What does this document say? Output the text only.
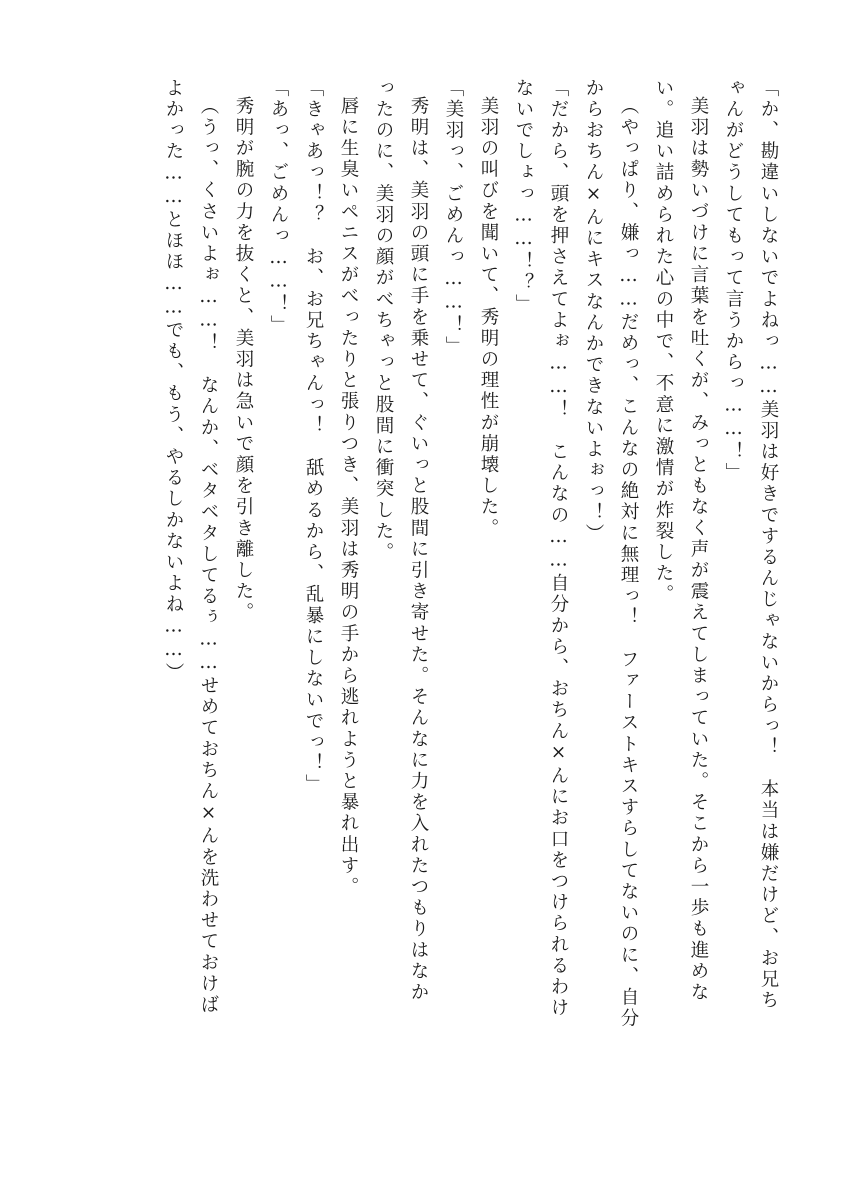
「か、勘違いしないでよねっ……美羽は好きでするんじゃないからっ！　本当は嫌だけど、お兄ち
ゃんがどうしてもって言うからっ……！」
美羽は勢いづけに言葉を吐くが、みっともなく声が震えてしまっていた。そこから一歩も進めな
い。追い詰められた心の中で、不意に激情が炸裂した。
（やっぱり、嫌っ……だめっ、こんなの絶対に無理っ！　ファーストキスすらしてないのに、自分
からおちん×んにキスなんかできないよぉっ！）
「だから、頭を押さえてよぉ……！　こんなの……自分から、おちん×んにお口をつけられるわけ
ないでしょっ……！？」
美羽の叫びを聞いて、秀明の理性が崩壊した。
「美羽っ、ごめんっ……！」
秀明は、美羽の頭に手を乗せて、ぐいっと股間に引き寄せた。そんなに力を入れたつもりはなか
ったのに、美羽の顔がべちゃっと股間に衝突した。
唇に生臭いペニスがべったりと張りつき、美羽は秀明の手から逃れようと暴れ出す。
「きゃあっ！？　お、お兄ちゃんっ！　舐めるから、乱暴にしないでっ！」
「あっ、ごめんっ……！」
秀明が腕の力を抜くと、美羽は急いで顔を引き離した。
（うっ、くさいよぉ……！　なんか、ベタベタしてるぅ……せめておちん×んを洗わせておけば
よかった……とほほ……でも、もう、やるしかないよね……）
